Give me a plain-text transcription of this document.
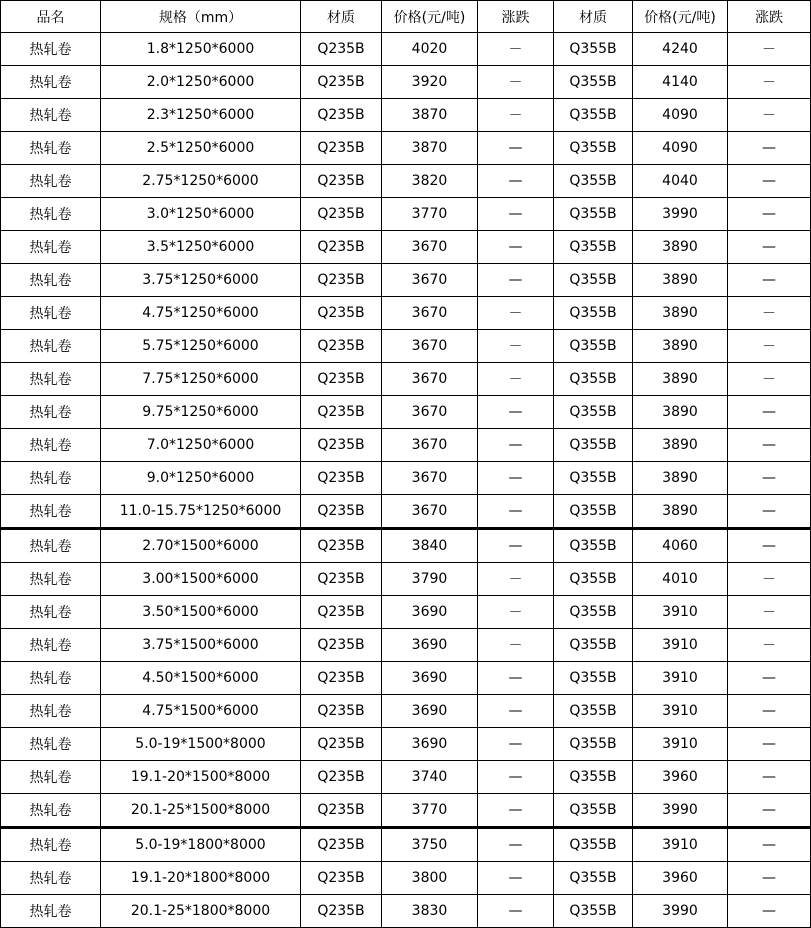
品名	规格（mm）	材质	价格(元/吨)	涨跌	材质	价格(元/吨)	涨跌
热轧卷	1.8*1250*6000	Q235B	4020	－	Q355B	4240	－
热轧卷	2.0*1250*6000	Q235B	3920	－	Q355B	4140	－
热轧卷	2.3*1250*6000	Q235B	3870	－	Q355B	4090	－
热轧卷	2.5*1250*6000	Q235B	3870	—	Q355B	4090	—
热轧卷	2.75*1250*6000	Q235B	3820	—	Q355B	4040	—
热轧卷	3.0*1250*6000	Q235B	3770	—	Q355B	3990	—
热轧卷	3.5*1250*6000	Q235B	3670	—	Q355B	3890	—
热轧卷	3.75*1250*6000	Q235B	3670	—	Q355B	3890	—
热轧卷	4.75*1250*6000	Q235B	3670	－	Q355B	3890	－
热轧卷	5.75*1250*6000	Q235B	3670	－	Q355B	3890	－
热轧卷	7.75*1250*6000	Q235B	3670	－	Q355B	3890	－
热轧卷	9.75*1250*6000	Q235B	3670	—	Q355B	3890	—
热轧卷	7.0*1250*6000	Q235B	3670	—	Q355B	3890	—
热轧卷	9.0*1250*6000	Q235B	3670	—	Q355B	3890	—
热轧卷	11.0-15.75*1250*6000	Q235B	3670	—	Q355B	3890	—
热轧卷	2.70*1500*6000	Q235B	3840	—	Q355B	4060	—
热轧卷	3.00*1500*6000	Q235B	3790	－	Q355B	4010	－
热轧卷	3.50*1500*6000	Q235B	3690	－	Q355B	3910	－
热轧卷	3.75*1500*6000	Q235B	3690	－	Q355B	3910	－
热轧卷	4.50*1500*6000	Q235B	3690	—	Q355B	3910	—
热轧卷	4.75*1500*6000	Q235B	3690	—	Q355B	3910	—
热轧卷	5.0-19*1500*8000	Q235B	3690	—	Q355B	3910	—
热轧卷	19.1-20*1500*8000	Q235B	3740	—	Q355B	3960	—
热轧卷	20.1-25*1500*8000	Q235B	3770	—	Q355B	3990	—
热轧卷	5.0-19*1800*8000	Q235B	3750	—	Q355B	3910	—
热轧卷	19.1-20*1800*8000	Q235B	3800	—	Q355B	3960	—
热轧卷	20.1-25*1800*8000	Q235B	3830	—	Q355B	3990	—
